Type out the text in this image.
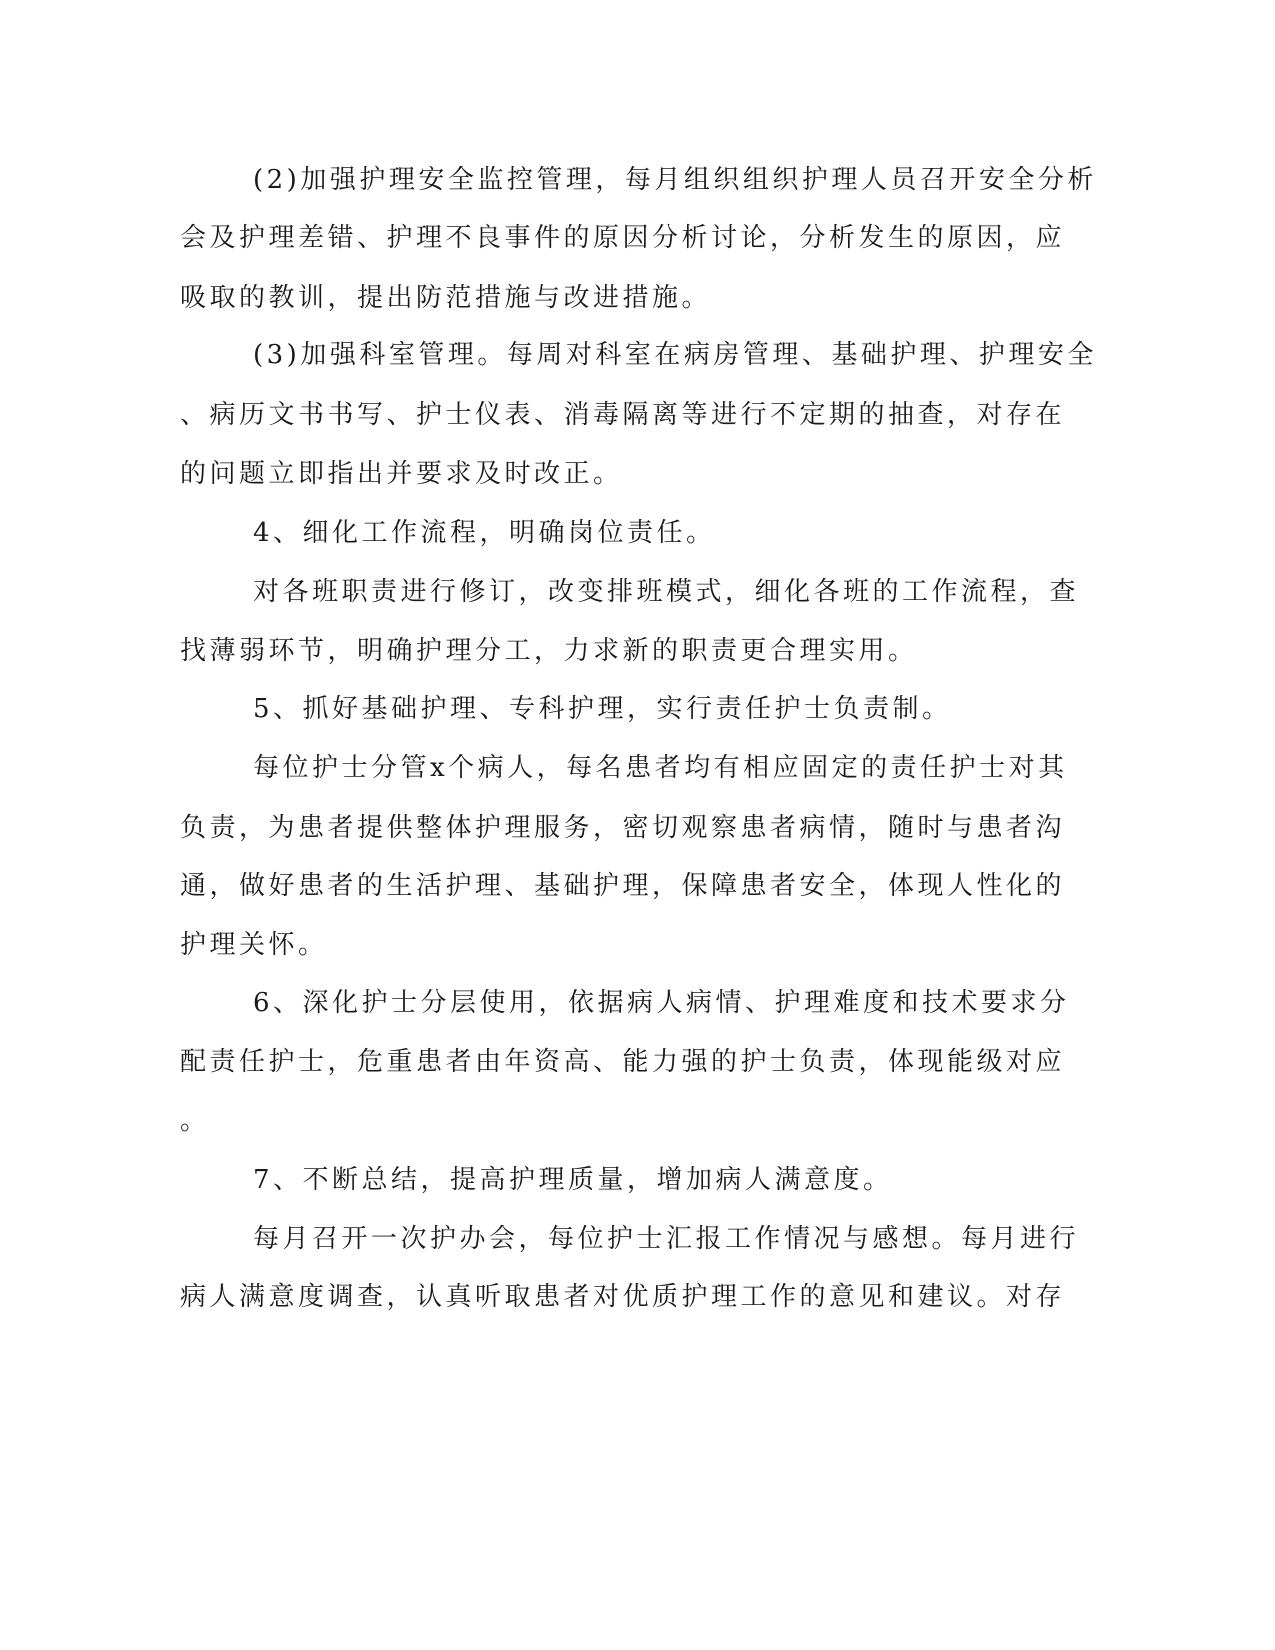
(2)加强护理安全监控管理，每月组织组织护理人员召开安全分析
会及护理差错、护理不良事件的原因分析讨论，分析发生的原因，应
吸取的教训，提出防范措施与改进措施。
(3)加强科室管理。每周对科室在病房管理、基础护理、护理安全
、病历文书书写、护士仪表、消毒隔离等进行不定期的抽查，对存在
的问题立即指出并要求及时改正。
4、细化工作流程，明确岗位责任。
对各班职责进行修订，改变排班模式，细化各班的工作流程，查
找薄弱环节，明确护理分工，力求新的职责更合理实用。
5、抓好基础护理、专科护理，实行责任护士负责制。
每位护士分管x个病人，每名患者均有相应固定的责任护士对其
负责，为患者提供整体护理服务，密切观察患者病情，随时与患者沟
通，做好患者的生活护理、基础护理，保障患者安全，体现人性化的
护理关怀。
6、深化护士分层使用，依据病人病情、护理难度和技术要求分
配责任护士，危重患者由年资高、能力强的护士负责，体现能级对应
。
7、不断总结，提高护理质量，增加病人满意度。
每月召开一次护办会，每位护士汇报工作情况与感想。每月进行
病人满意度调查，认真听取患者对优质护理工作的意见和建议。对存
